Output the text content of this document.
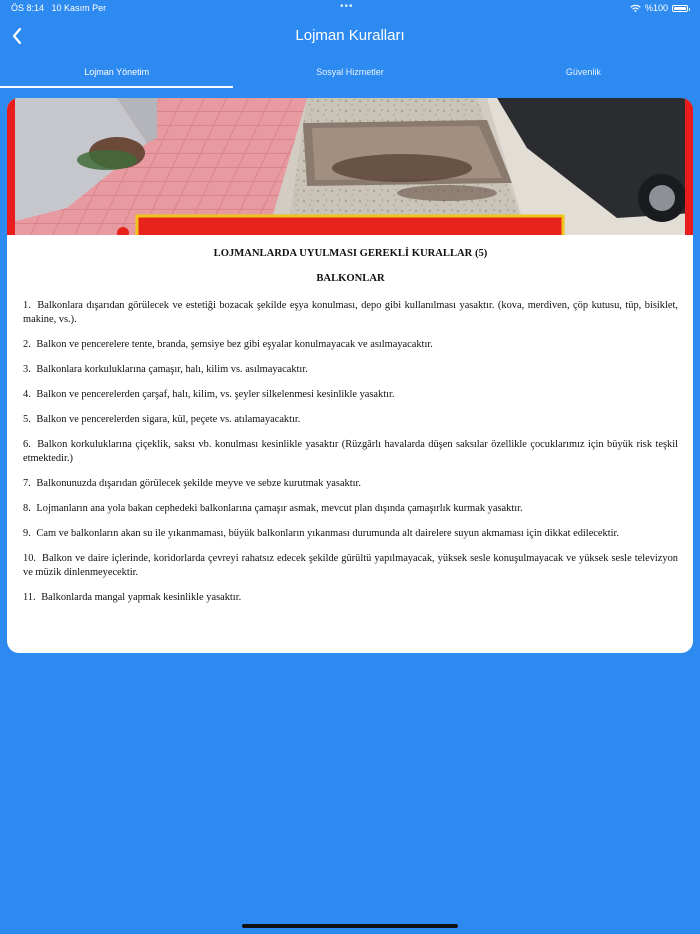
ÖS 8:14 10 Kasım Per	•••	%100
Lojman Kuralları
Lojman Yönetim	Sosyal Hizmetler	Güvenlik
LOJMANLARDA UYULMASI GEREKLİ KURALLAR (5)
BALKONLAR

1. Balkonlara dışarıdan görülecek ve estetiği bozacak şekilde eşya konulması, depo gibi kullanılması yasaktır. (kova, merdiven, çöp kutusu, tüp, bisiklet, makine, vs.).

2. Balkon ve pencerelere tente, branda, şemsiye bez gibi eşyalar konulmayacak ve asılmayacaktır.

3. Balkonlara korkuluklarına çamaşır, halı, kilim vs. asılmayacaktır.

4. Balkon ve pencerelerden çarşaf, halı, kilim, vs. şeyler silkelenmesi kesinlikle yasaktır.

5. Balkon ve pencerelerden sigara, kül, peçete vs. atılamayacaktır.

6. Balkon korkuluklarına çiçeklik, saksı vb. konulması kesinlikle yasaktır (Rüzgârlı havalarda düşen saksılar özellikle çocuklarımız için büyük risk teşkil etmektedir.)

7. Balkonunuzda dışarıdan görülecek şekilde meyve ve sebze kurutmak yasaktır.

8. Lojmanların ana yola bakan cephedeki balkonlarına çamaşır asmak, mevcut plan dışında çamaşırlık kurmak yasaktır.

9. Cam ve balkonların akan su ile yıkanmaması, büyük balkonların yıkanması durumunda alt dairelere suyun akmaması için dikkat edilecektir.

10. Balkon ve daire içlerinde, koridorlarda çevreyi rahatsız edecek şekilde gürültü yapılmayacak, yüksek sesle konuşulmayacak ve yüksek sesle televizyon ve müzik dinlenmeyecektir.

11. Balkonlarda mangal yapmak kesinlikle yasaktır.
